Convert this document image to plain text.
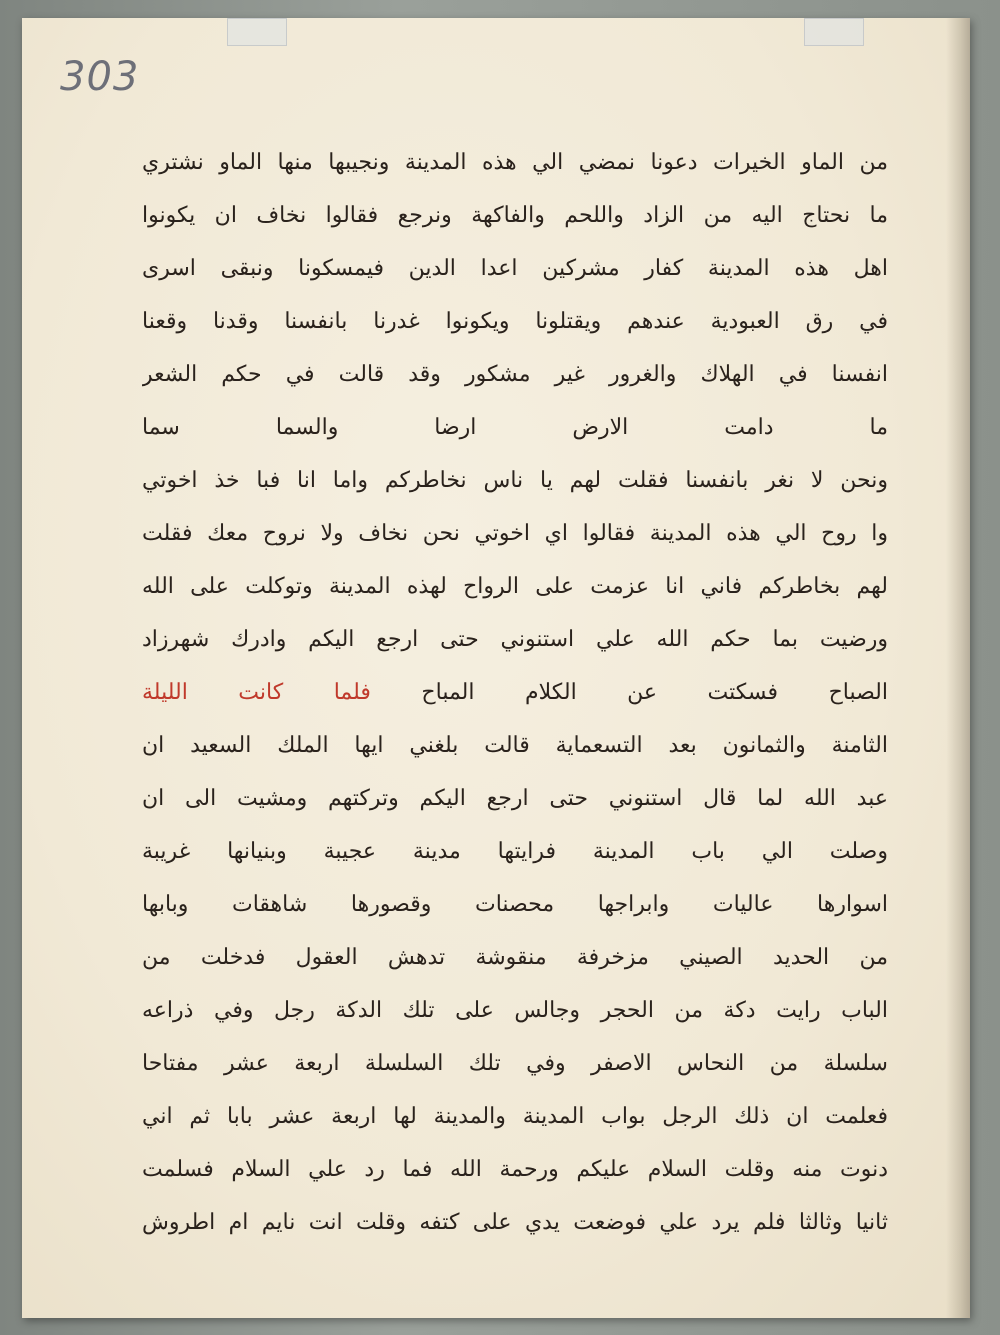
303
من الماو الخيرات دعونا نمضي الي هذه المدينة ونجيبها منها الماو نشتري
ما نحتاج اليه من الزاد واللحم والفاكهة ونرجع فقالوا نخاف ان يكونوا
اهل هذه المدينة كفار مشركين اعدا الدين فيمسكونا ونبقى اسرى
في رق العبودية عندهم ويقتلونا ويكونوا غدرنا بانفسنا وقدنا وقعنا
انفسنا في الهلاك والغرور غير مشكور وقد قالت في حكم الشعر
ما دامت الارض ارضا والسما سما
ونحن لا نغر بانفسنا فقلت لهم يا ناس نخاطركم واما انا فبا خذ اخوتي
وا روح الي هذه المدينة فقالوا اي اخوتي نحن نخاف ولا نروح معك فقلت
لهم بخاطركم فاني انا عزمت على الرواح لهذه المدينة وتوكلت على الله
ورضيت بما حكم الله علي استنوني حتى ارجع اليكم وادرك شهرزاد
الصباح فسكتت عن الكلام المباح فلما كانت الليلة
الثامنة والثمانون بعد التسعماية قالت بلغني ايها الملك السعيد ان
عبد الله لما قال استنوني حتى ارجع اليكم وتركتهم ومشيت الى ان
وصلت الي باب المدينة فرايتها مدينة عجيبة وبنيانها غريبة
اسوارها عاليات وابراجها محصنات وقصورها شاهقات وبابها
من الحديد الصيني مزخرفة منقوشة تدهش العقول فدخلت من
الباب رايت دكة من الحجر وجالس على تلك الدكة رجل وفي ذراعه
سلسلة من النحاس الاصفر وفي تلك السلسلة اربعة عشر مفتاحا
فعلمت ان ذلك الرجل بواب المدينة والمدينة لها اربعة عشر بابا ثم اني
دنوت منه وقلت السلام عليكم ورحمة الله فما رد علي السلام فسلمت
ثانيا وثالثا فلم يرد علي فوضعت يدي على كتفه وقلت انت نايم ام اطروش
